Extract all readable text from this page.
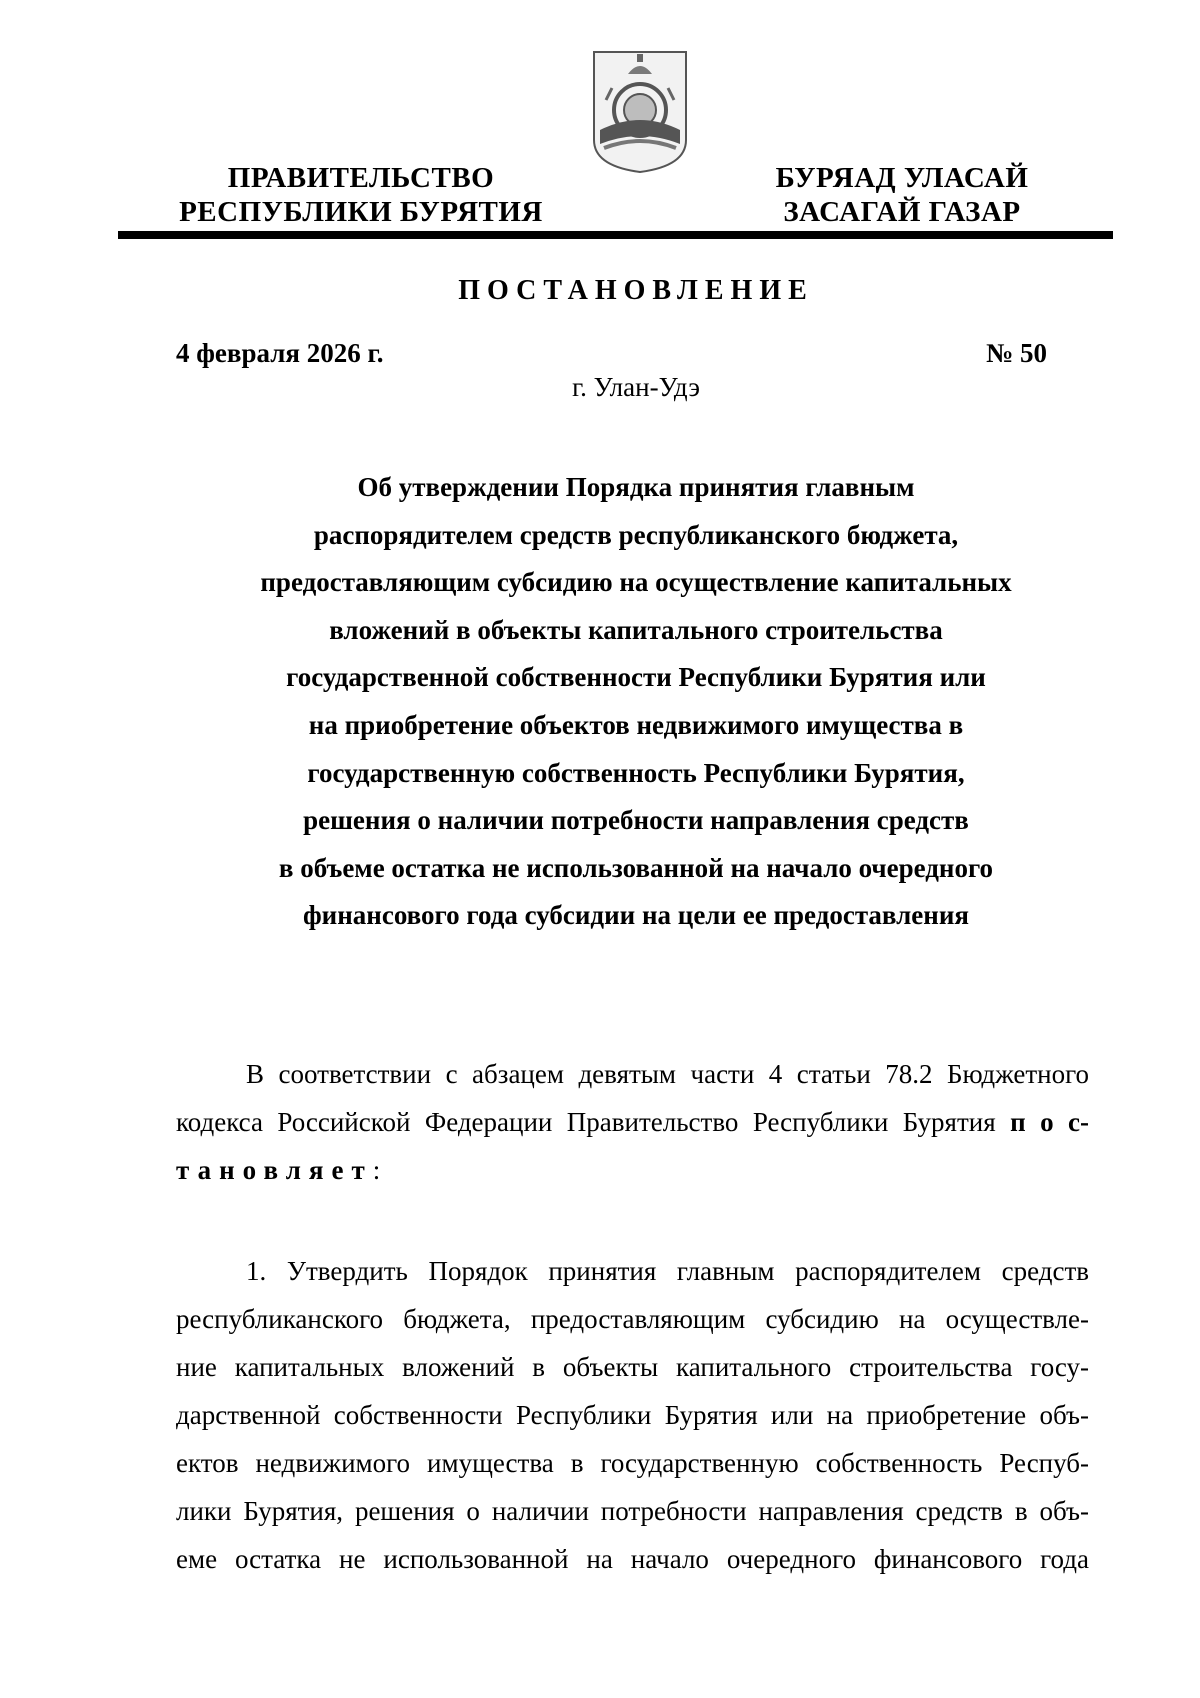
ПРАВИТЕЛЬСТВО
РЕСПУБЛИКИ БУРЯТИЯ
БУРЯАД УЛАСАЙ
ЗАСАГАЙ ГАЗАР
ПОСТАНОВЛЕНИЕ
4 февраля 2026 г.	№ 50
г. Улан-Удэ
Об утверждении Порядка принятия главным
распорядителем средств республиканского бюджета,
предоставляющим субсидию на осуществление капитальных
вложений в объекты капитального строительства
государственной собственности Республики Бурятия или
на приобретение объектов недвижимого имущества в
государственную собственность Республики Бурятия,
решения о наличии потребности направления средств
в объеме остатка не использованной на начало очередного
финансового года субсидии на цели ее предоставления
В соответствии с абзацем девятым части 4 статьи 78.2 Бюджетного
кодекса Российской Федерации Правительство Республики Бурятия п о с-
тановляет:
1. Утвердить Порядок принятия главным распорядителем средств
республиканского бюджета, предоставляющим субсидию на осуществле-
ние капитальных вложений в объекты капитального строительства госу-
дарственной собственности Республики Бурятия или на приобретение объ-
ектов недвижимого имущества в государственную собственность Респуб-
лики Бурятия, решения о наличии потребности направления средств в объ-
еме остатка не использованной на начало очередного финансового года
